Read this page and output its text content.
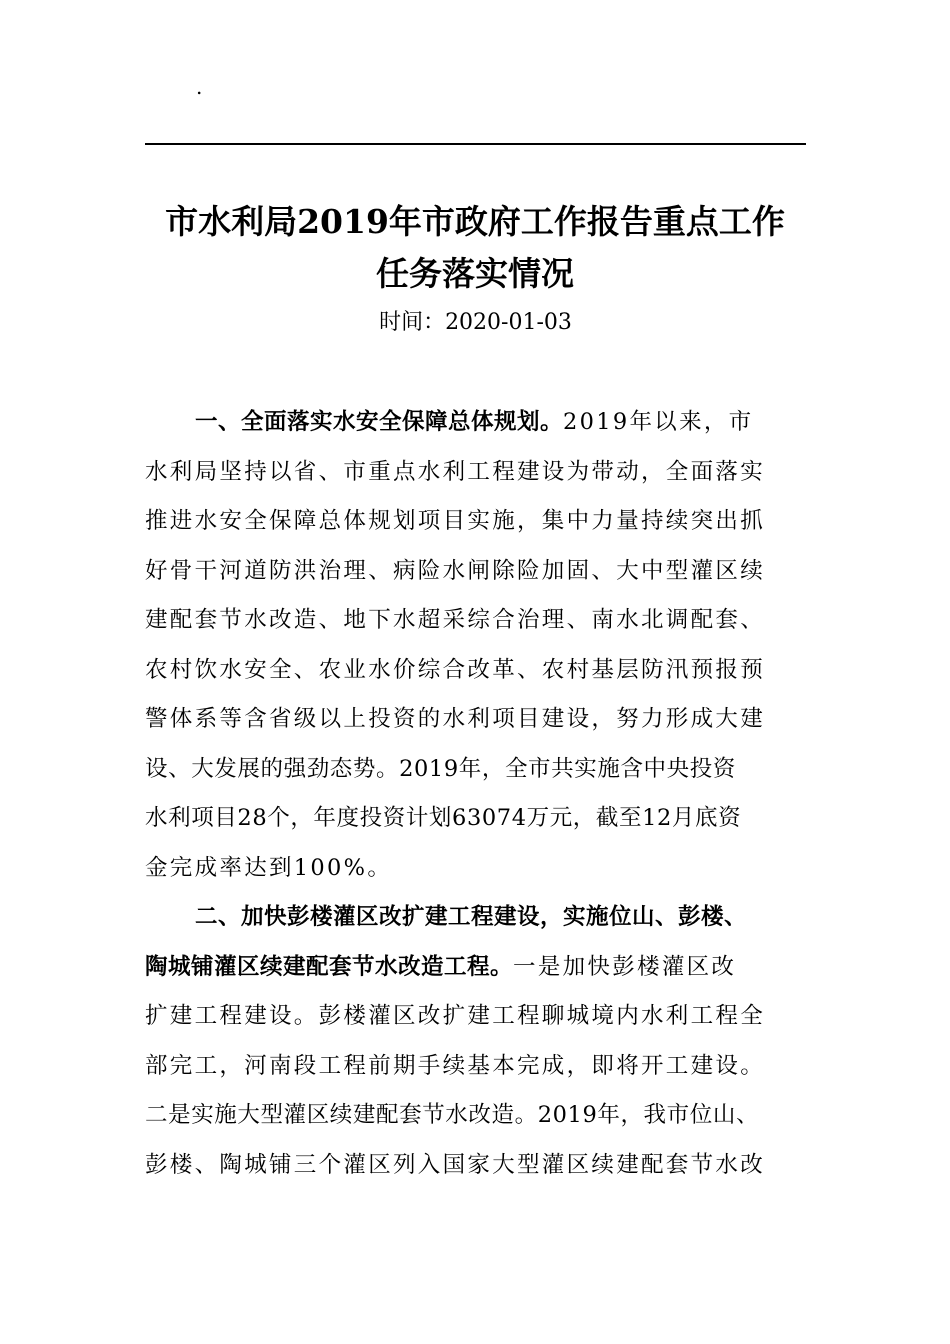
.
市水利局2019年市政府工作报告重点工作
任务落实情况
时间：2020-01-03
一、全面落实水安全保障总体规划。2019年以来，市
水利局坚持以省、市重点水利工程建设为带动，全面落实
推进水安全保障总体规划项目实施，集中力量持续突出抓
好骨干河道防洪治理、病险水闸除险加固、大中型灌区续
建配套节水改造、地下水超采综合治理、南水北调配套、
农村饮水安全、农业水价综合改革、农村基层防汛预报预
警体系等含省级以上投资的水利项目建设，努力形成大建
设、大发展的强劲态势。2019年，全市共实施含中央投资
水利项目28个，年度投资计划63074万元，截至12月底资
金完成率达到100%。
二、加快彭楼灌区改扩建工程建设，实施位山、彭楼、
陶城铺灌区续建配套节水改造工程。一是加快彭楼灌区改
扩建工程建设。彭楼灌区改扩建工程聊城境内水利工程全
部完工，河南段工程前期手续基本完成，即将开工建设。
二是实施大型灌区续建配套节水改造。2019年，我市位山、
彭楼、陶城铺三个灌区列入国家大型灌区续建配套节水改
